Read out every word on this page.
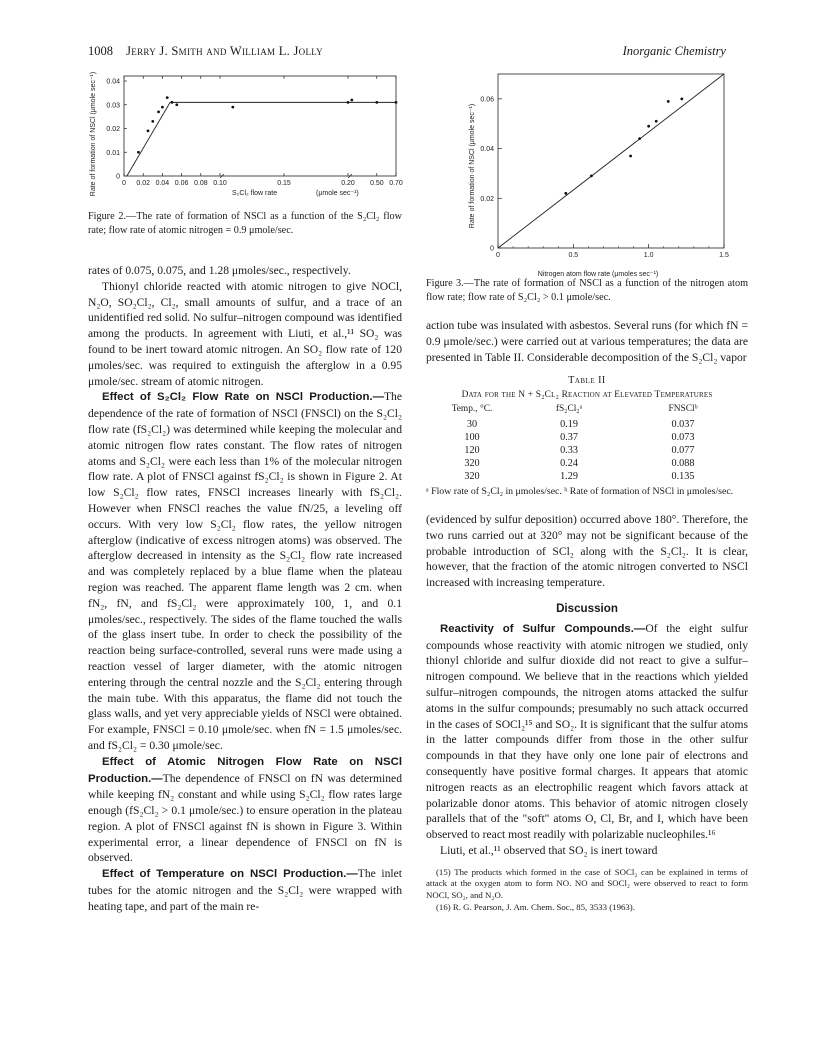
1008 Jerry J. Smith and William L. Jolly	Inorganic Chemistry
Rate of formation of NSCl (μmole sec⁻¹)	S₂Cl₂ flow rate	(μmole sec⁻¹)
0 0.02 0.04 0.06 0.08 0.10	0.15	0.20 0.50 0.70
0
0.01
0.02
0.03
0.04
Figure 2.—The rate of formation of NSCl as a function of the S₂Cl₂ flow rate; flow rate of atomic nitrogen = 0.9 μmole/sec.
Rate of formation of NSCl (μmole sec⁻¹)
Nitrogen atom flow rate (μmoles sec⁻¹)
0	0.5	1.0	1.5
0
0.02
0.04
0.06
Figure 3.—The rate of formation of NSCl as a function of the nitrogen atom flow rate; flow rate of S₂Cl₂ > 0.1 μmole/sec.

rates of 0.075, 0.075, and 1.28 μmoles/sec., respectively.

Thionyl chloride reacted with atomic nitrogen to give NOCl, N₂O, SO₂Cl₂, Cl₂, small amounts of sulfur, and a trace of an unidentified red solid. No sulfur–nitrogen compound was identified among the products. In agreement with Liuti, et al.,¹¹ SO₂ was found to be inert toward atomic nitrogen. An SO₂ flow rate of 120 μmoles/sec. was required to extinguish the afterglow in a 0.95 μmole/sec. stream of atomic nitrogen.

Effect of S₂Cl₂ Flow Rate on NSCl Production.—The dependence of the rate of formation of NSCl (FNSCl) on the S₂Cl₂ flow rate (fS₂Cl₂) was determined while keeping the molecular and atomic nitrogen flow rates constant. The flow rates of nitrogen atoms and S₂Cl₂ were each less than 1% of the molecular nitrogen flow rate. A plot of FNSCl against fS₂Cl₂ is shown in Figure 2. At low S₂Cl₂ flow rates, FNSCl increases linearly with fS₂Cl₂. However when FNSCl reaches the value fN/25, a leveling off occurs. With very low S₂Cl₂ flow rates, the yellow nitrogen afterglow (indicative of excess nitrogen atoms) was observed. The afterglow decreased in intensity as the S₂Cl₂ flow rate increased and was completely replaced by a blue flame when the plateau region was reached. The apparent flame length was 2 cm. when fN₂, fN, and fS₂Cl₂ were approximately 100, 1, and 0.1 μmoles/sec., respectively. The sides of the flame touched the walls of the glass insert tube. In order to check the possibility of the reaction being surface-controlled, several runs were made using a reaction vessel of larger diameter, with the atomic nitrogen entering through the central nozzle and the S₂Cl₂ entering through the main tube. With this apparatus, the flame did not touch the glass walls, and yet very appreciable yields of NSCl were obtained. For example, FNSCl = 0.10 μmole/sec. when fN = 1.5 μmoles/sec. and fS₂Cl₂ = 0.30 μmole/sec.

Effect of Atomic Nitrogen Flow Rate on NSCl Production.—The dependence of FNSCl on fN was determined while keeping fN₂ constant and while using S₂Cl₂ flow rates large enough (fS₂Cl₂ > 0.1 μmole/sec.) to ensure operation in the plateau region. A plot of FNSCl against fN is shown in Figure 3. Within experimental error, a linear dependence of FNSCl on fN is observed.

Effect of Temperature on NSCl Production.—The inlet tubes for the atomic nitrogen and the S₂Cl₂ were wrapped with heating tape, and part of the main re-

action tube was insulated with asbestos. Several runs (for which fN = 0.9 μmole/sec.) were carried out at various temperatures; the data are presented in Table II. Considerable decomposition of the S₂Cl₂ vapor

Table II
Data for the N + S₂Cl₂ Reaction at Elevated Temperatures
Temp., °C.	fS₂Cl₂ᵃ	FNSClᵇ
30	0.19	0.037
100	0.37	0.073
120	0.33	0.077
320	0.24	0.088
320	1.29	0.135
ᵃ Flow rate of S₂Cl₂ in μmoles/sec. ᵇ Rate of formation of NSCl in μmoles/sec.

(evidenced by sulfur deposition) occurred above 180°. Therefore, the two runs carried out at 320° may not be significant because of the probable introduction of SCl₂ along with the S₂Cl₂. It is clear, however, that the fraction of the atomic nitrogen converted to NSCl increased with increasing temperature.

Discussion

Reactivity of Sulfur Compounds.—Of the eight sulfur compounds whose reactivity with atomic nitrogen we studied, only thionyl chloride and sulfur dioxide did not react to give a sulfur–nitrogen compound. We believe that in the reactions which yielded sulfur–nitrogen compounds, the nitrogen atoms attacked the sulfur atoms in the sulfur compounds; presumably no such attack occurred in the cases of SOCl₂¹⁵ and SO₂. It is significant that the sulfur atoms in the latter compounds differ from those in the other sulfur compounds in that they have only one lone pair of electrons and consequently have positive formal charges. It appears that atomic nitrogen reacts as an electrophilic reagent which favors attack at polarizable donor atoms. This behavior of atomic nitrogen closely parallels that of the "soft" atoms O, Cl, Br, and I, which have been observed to react most readily with polarizable nucleophiles.¹⁶

Liuti, et al.,¹¹ observed that SO₂ is inert toward

(15) The products which formed in the case of SOCl₂ can be explained in terms of attack at the oxygen atom to form NO. NO and SOCl₂ were observed to react to form NOCl, SO₂, and N₂O.

(16) R. G. Pearson, J. Am. Chem. Soc., 85, 3533 (1963).
